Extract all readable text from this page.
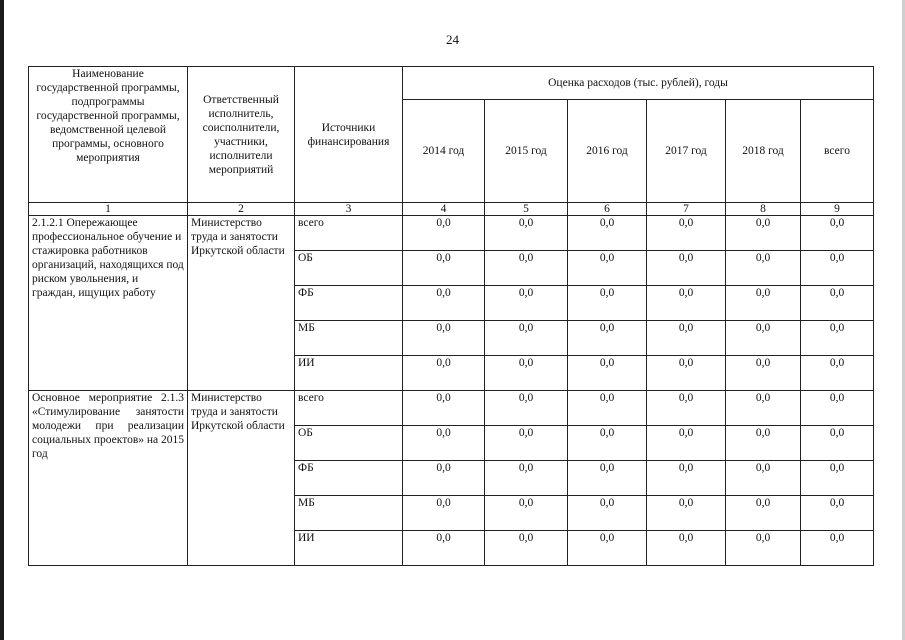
24
Наименование государственной программы, подпрограммы государственной программы, ведомственной целевой программы, основного мероприятия	Ответственный исполнитель, соисполнители, участники, исполнители мероприятий	Источники финансирования	Оценка расходов (тыс. рублей), годы					
			2014 год	2015 год	2016 год	2017 год	2018 год	всего
1	2	3	4	5	6	7	8	9
2.1.2.1 Опережающее профессиональное обучение и стажировка работников организаций, находящихся под риском увольнения, и граждан, ищущих работу	Министерство труда и занятости Иркутской области	всего	0,0	0,0	0,0	0,0	0,0	0,0
		ОБ	0,0	0,0	0,0	0,0	0,0	0,0
		ФБ	0,0	0,0	0,0	0,0	0,0	0,0
		МБ	0,0	0,0	0,0	0,0	0,0	0,0
		ИИ	0,0	0,0	0,0	0,0	0,0	0,0
Основное мероприятие 2.1.3 «Стимулирование занятости молодежи при реализации социальных проектов» на 2015 год	Министерство труда и занятости Иркутской области	всего	0,0	0,0	0,0	0,0	0,0	0,0
		ОБ	0,0	0,0	0,0	0,0	0,0	0,0
		ФБ	0,0	0,0	0,0	0,0	0,0	0,0
		МБ	0,0	0,0	0,0	0,0	0,0	0,0
		ИИ	0,0	0,0	0,0	0,0	0,0	0,0
